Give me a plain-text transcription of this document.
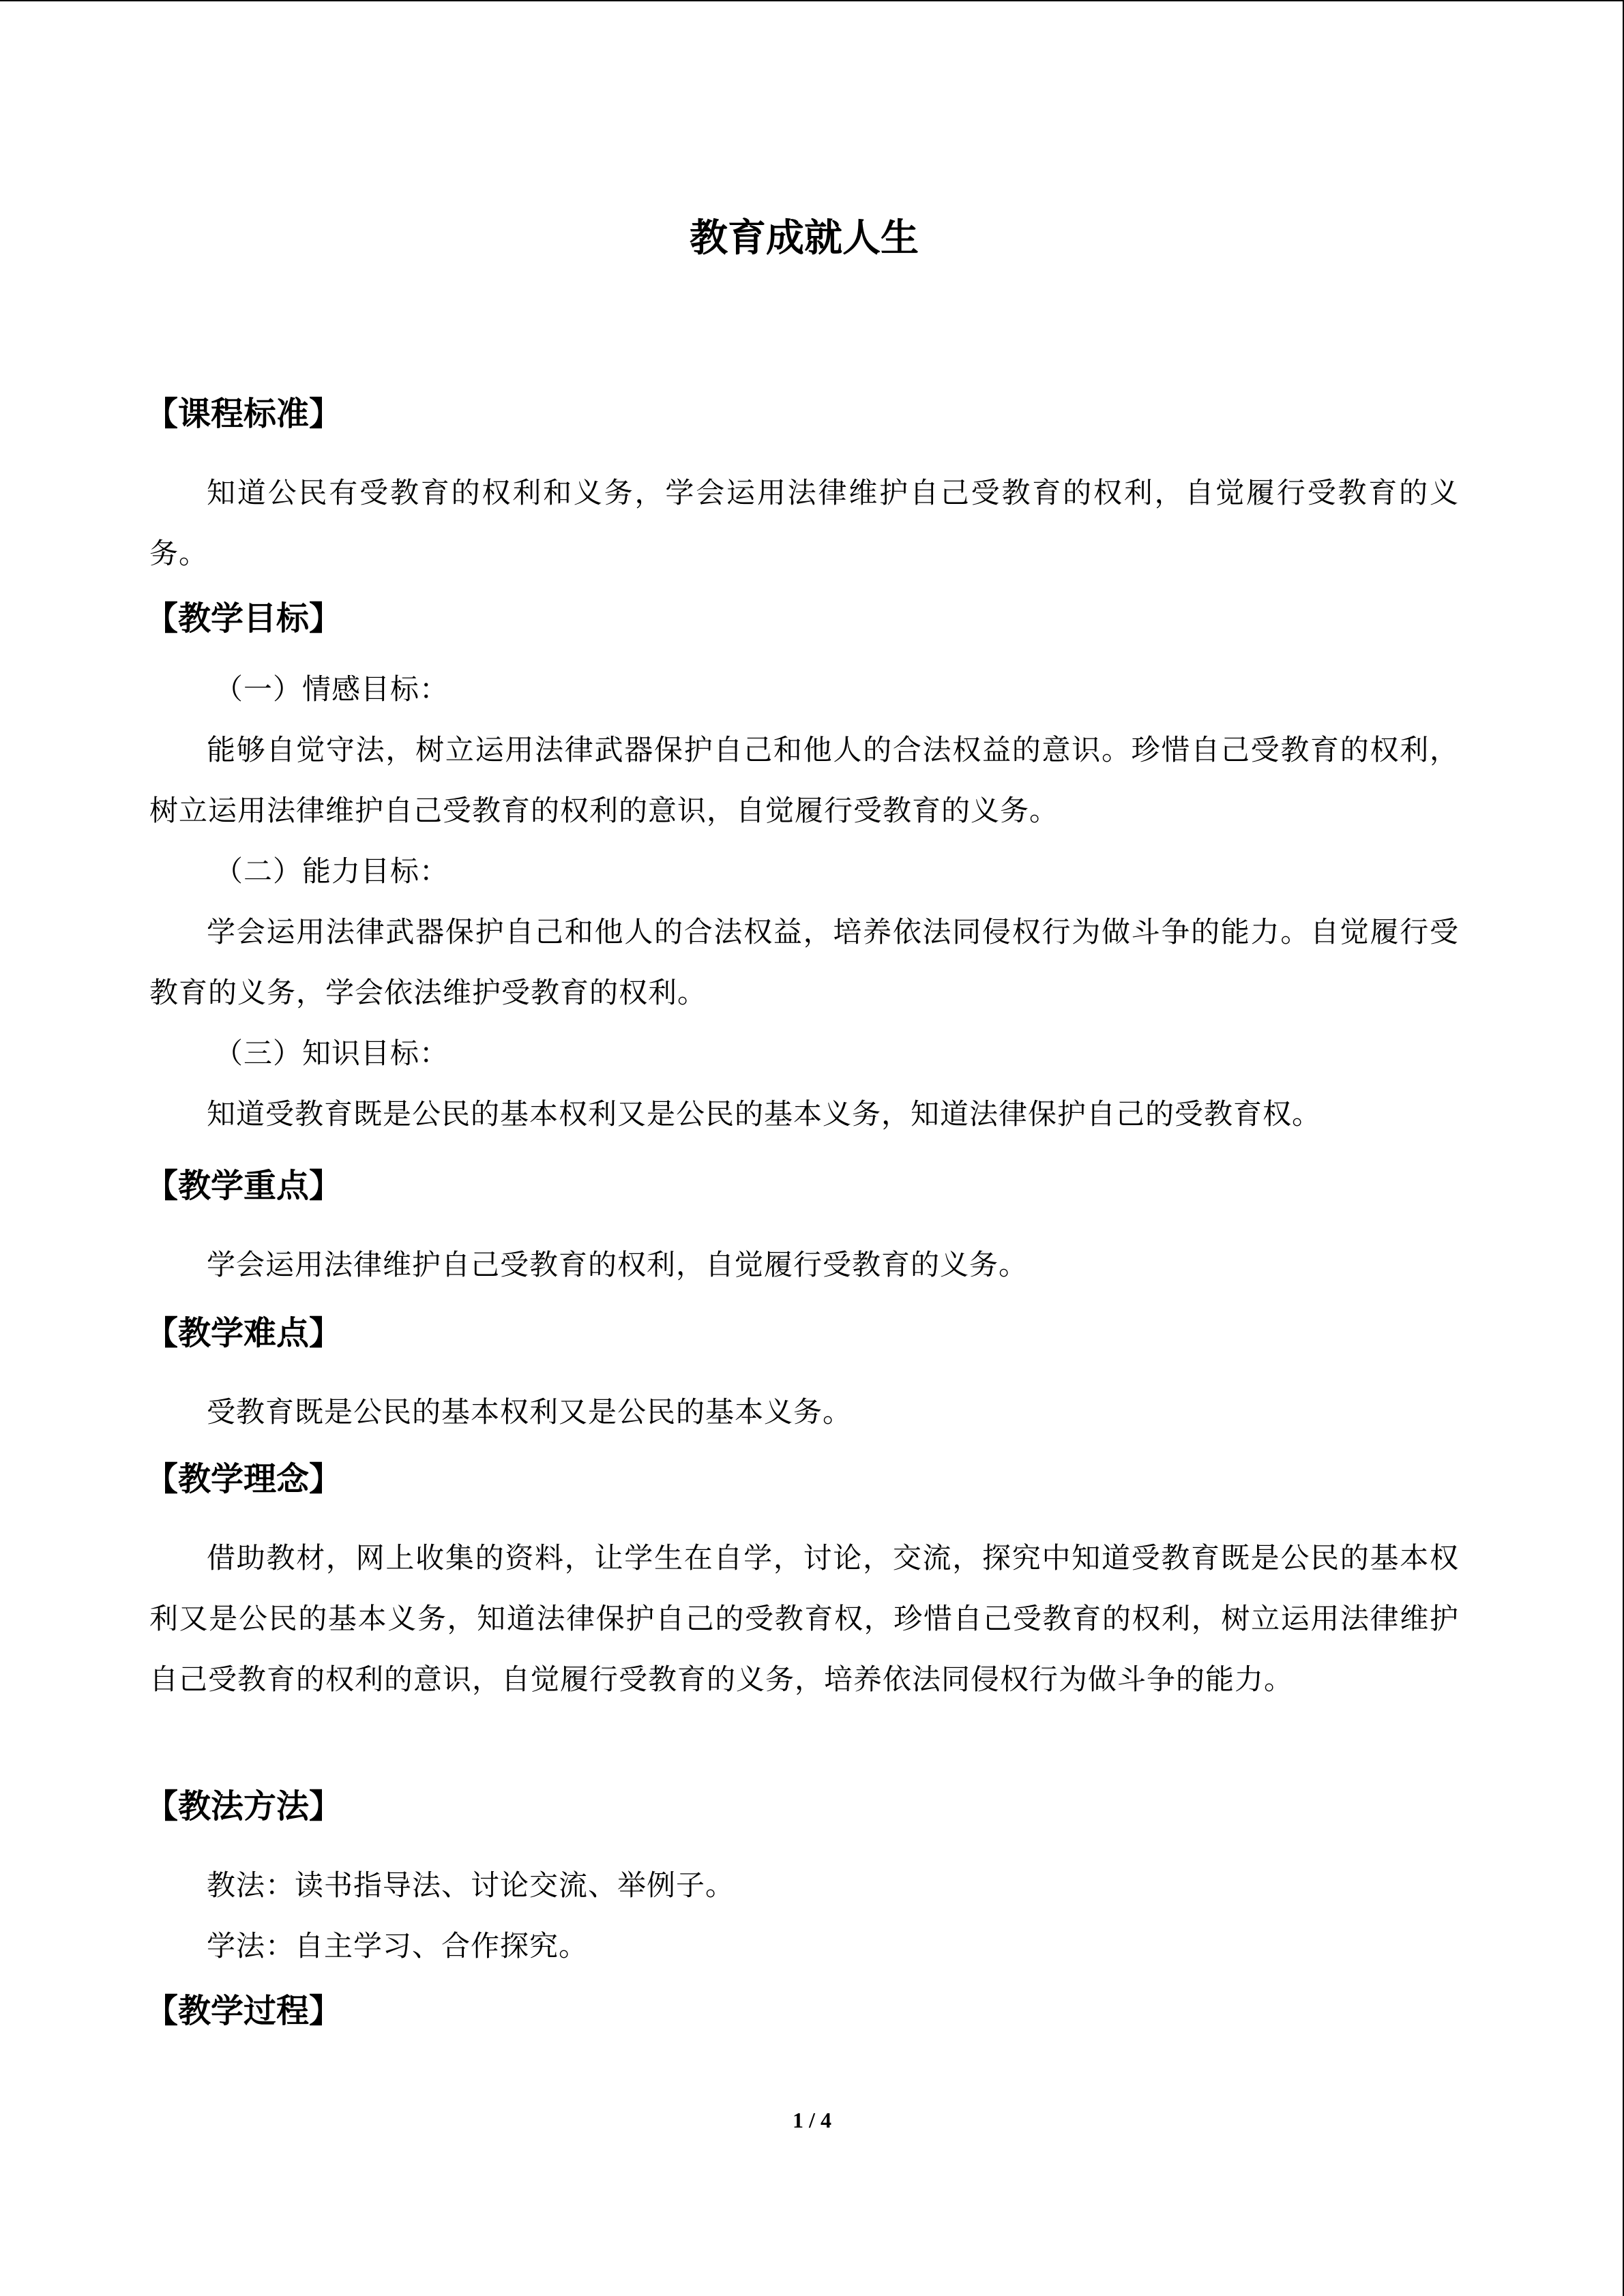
教育成就人生
【课程标准】
知道公民有受教育的权利和义务，学会运用法律维护自己受教育的权利，自觉履行受教育的义务。
【教学目标】
（一）情感目标：
能够自觉守法，树立运用法律武器保护自己和他人的合法权益的意识。珍惜自己受教育的权利，树立运用法律维护自己受教育的权利的意识，自觉履行受教育的义务。
（二）能力目标：
学会运用法律武器保护自己和他人的合法权益，培养依法同侵权行为做斗争的能力。自觉履行受教育的义务，学会依法维护受教育的权利。
（三）知识目标：
知道受教育既是公民的基本权利又是公民的基本义务，知道法律保护自己的受教育权。
【教学重点】
学会运用法律维护自己受教育的权利，自觉履行受教育的义务。
【教学难点】
受教育既是公民的基本权利又是公民的基本义务。
【教学理念】
借助教材，网上收集的资料，让学生在自学，讨论，交流，探究中知道受教育既是公民的基本权利又是公民的基本义务，知道法律保护自己的受教育权，珍惜自己受教育的权利，树立运用法律维护自己受教育的权利的意识，自觉履行受教育的义务，培养依法同侵权行为做斗争的能力。
【教法方法】
教法：读书指导法、讨论交流、举例子。
学法：自主学习、合作探究。
【教学过程】
1 / 4
